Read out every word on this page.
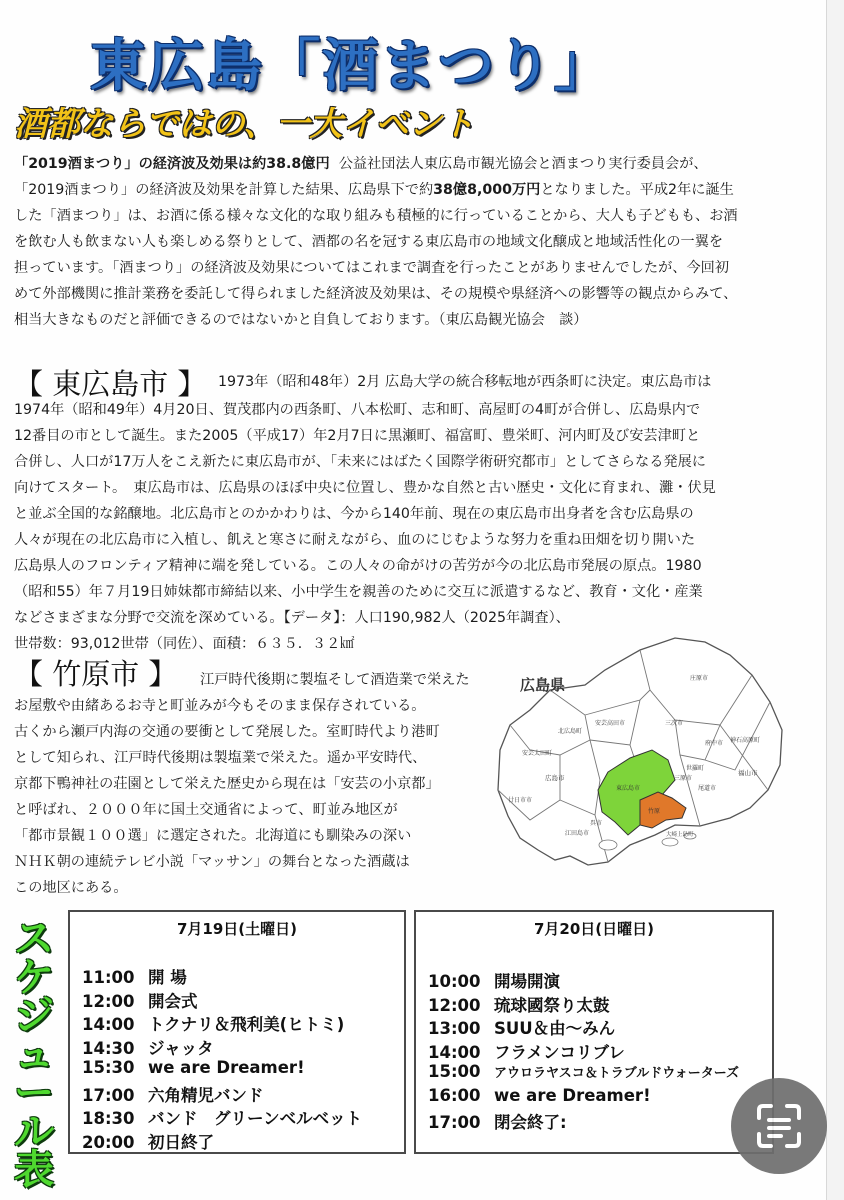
東広島「酒まつり」
酒都ならではの、一大イベント
「2019酒まつり」の経済波及効果は約38.8億円 公益社団法人東広島市観光協会と酒まつり実行委員会が、
「2019酒まつり」の経済波及効果を計算した結果、広島県下で約38億8,000万円となりました。平成2年に誕生
した「酒まつり」は、お酒に係る様々な文化的な取り組みも積極的に行っていることから、大人も子どもも、お酒
を飲む人も飲まない人も楽しめる祭りとして、酒都の名を冠する東広島市の地域文化醸成と地域活性化の一翼を
担っています。「酒まつり」の経済波及効果についてはこれまで調査を行ったことがありませんでしたが、今回初
めて外部機関に推計業務を委託して得られました経済波及効果は、その規模や県経済への影響等の観点からみて、
相当大きなものだと評価できるのではないかと自負しております。（東広島観光協会　談）
【 東広島市 】 1973年（昭和48年）2月 広島大学の統合移転地が西条町に決定。東広島市は
1974年（昭和49年）4月20日、賀茂郡内の西条町、八本松町、志和町、高屋町の4町が合併し、広島県内で
12番目の市として誕生。また2005（平成17）年2月7日に黒瀬町、福富町、豊栄町、河内町及び安芸津町と
合併し、人口が17万人をこえ新たに東広島市が、「未来にはばたく国際学術研究都市」としてさらなる発展に
向けてスタート。　東広島市は、広島県のほぼ中央に位置し、豊かな自然と古い歴史・文化に育まれ、灘・伏見
と並ぶ全国的な銘醸地。北広島市とのかかわりは、今から140年前、現在の東広島市出身者を含む広島県の
人々が現在の北広島市に入植し、飢えと寒さに耐えながら、血のにじむような努力を重ね田畑を切り開いた
広島県人のフロンティア精神に端を発している。この人々の命がけの苦労が今の北広島市発展の原点。1980
（昭和55）年７月19日姉妹都市締結以来、小中学生を親善のために交互に派遣するなど、教育・文化・産業
などさまざまな分野で交流を深めている。【データ】：人口190,982人（2025年調査）、
世帯数：93,012世帯（同佐）、面積：６３５．３２㎢
【 竹原市 】 江戸時代後期に製塩そして酒造業で栄えた
お屋敷や由緒あるお寺と町並みが今もそのまま保存されている。
古くから瀬戸内海の交通の要衝として発展した。室町時代より港町
として知られ、江戸時代後期は製塩業で栄えた。遥か平安時代、
京都下鴨神社の荘園として栄えた歴史から現在は「安芸の小京都」
と呼ばれ、２０００年に国土交通省によって、町並み地区が
「都市景観１００選」に選定された。北海道にも馴染みの深い
ＮＨＫ朝の連続テレビ小説「マッサン」の舞台となった酒蔵は
この地区にある。
広島県	庄原市
三次市
安芸高田市
北広島町
安芸太田町
府中市
世羅町
神石高原町
福山市
尾道市
三原市
広島市
廿日市市
竹原
大崎上島町
江田島市
呉市
東広島市
ス
ケ
ジ
ュ
ー
ル
表
7月19日(土曜日)
11:00 開 場
12:00 開会式
14:00 トクナリ＆飛利美(ヒトミ)
14:30 ジャッタ
15:30 we are Dreamer!
17:00 六角精児バンド
18:30 バンド　グリーンベルベット
20:00 初日終了
7月20日(日曜日)
10:00 開場開演
12:00 琉球國祭り太鼓
13:00 SUU＆由～みん
14:00 フラメンコリブレ
15:00 アウロラヤスコ＆トラブルドウォーターズ
16:00 we are Dreamer!
17:00 閉会終了:
